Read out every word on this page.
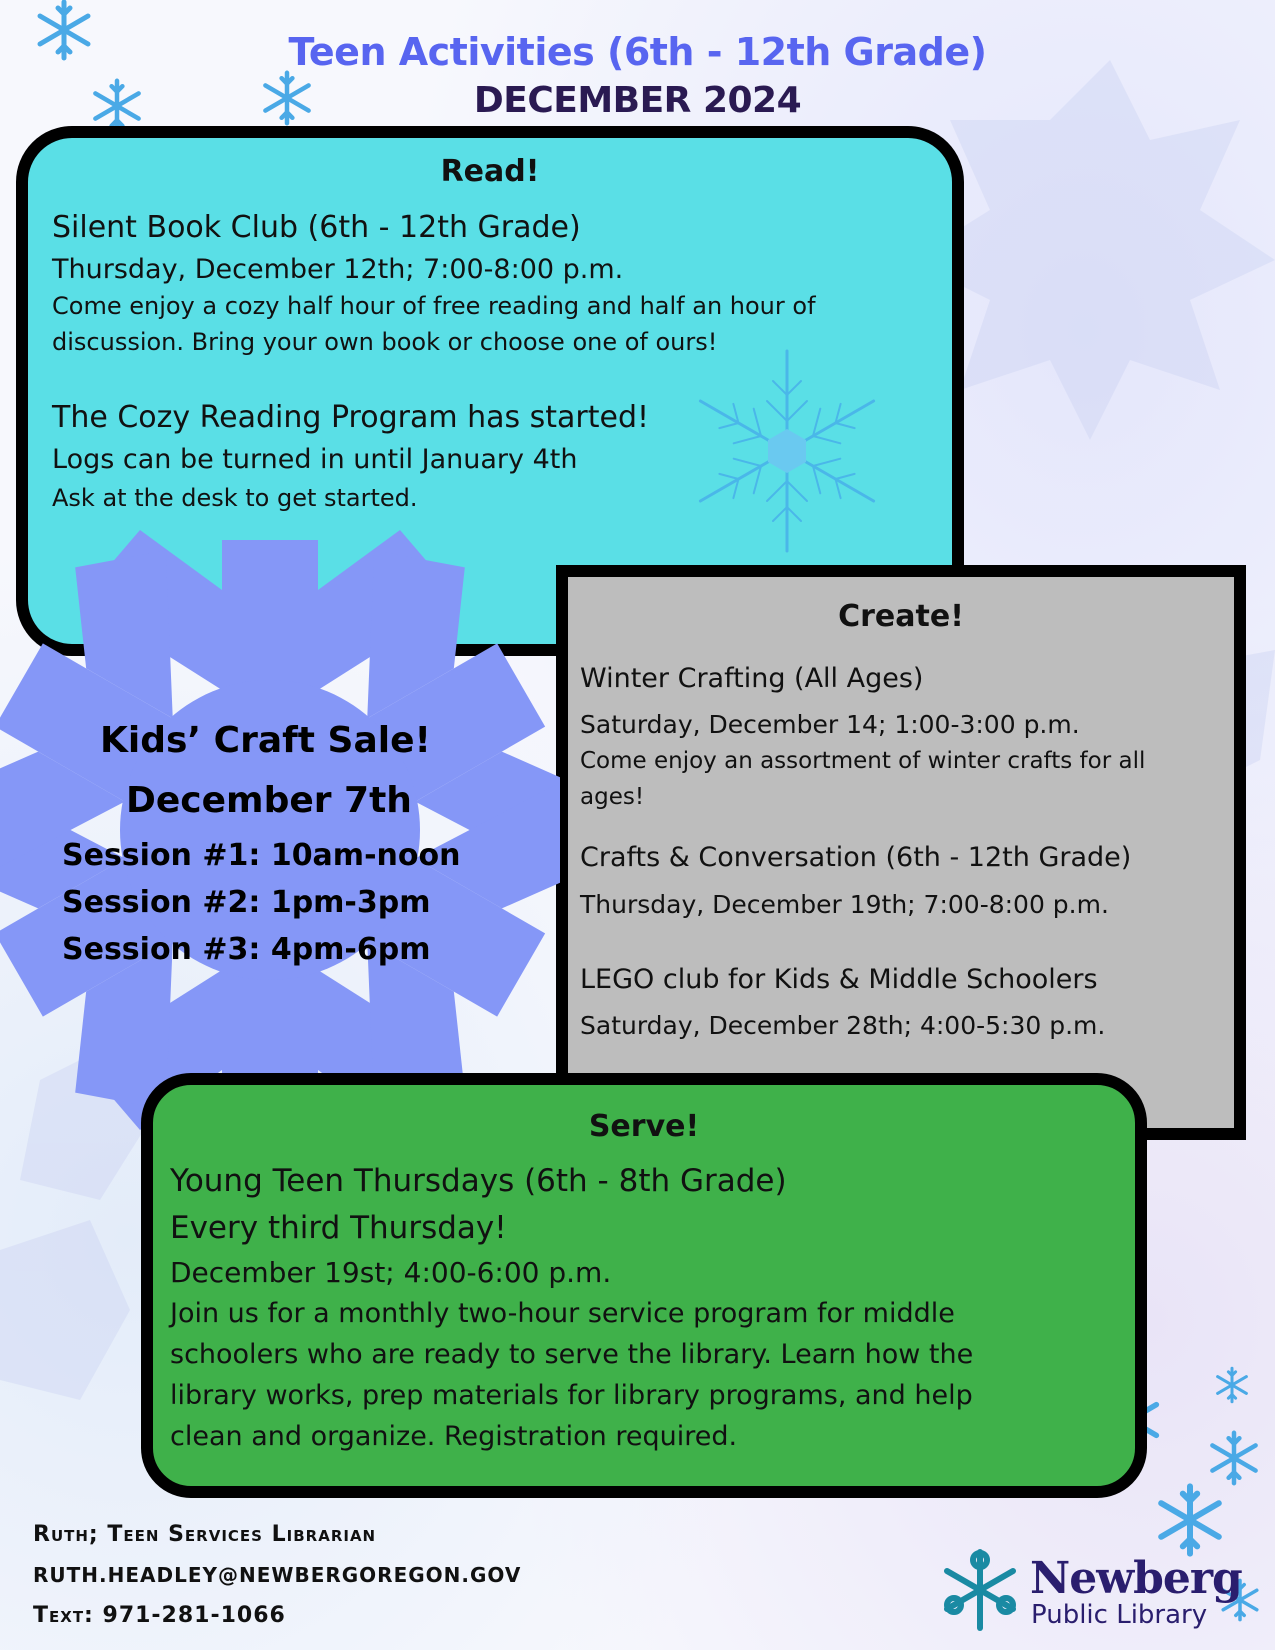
Teen Activities (6th - 12th Grade)
DECEMBER 2024
Read!
Silent Book Club (6th - 12th Grade)
Thursday, December 12th; 7:00-8:00 p.m.
Come enjoy a cozy half hour of free reading and half an hour of
discussion. Bring your own book or choose one of ours!
The Cozy Reading Program has started!
Logs can be turned in until January 4th
Ask at the desk to get started.
Create!
Winter Crafting (All Ages)
Saturday, December 14; 1:00-3:00 p.m.
Come enjoy an assortment of winter crafts for all
ages!
Crafts & Conversation (6th - 12th Grade)
Thursday, December 19th; 7:00-8:00 p.m.
LEGO club for Kids & Middle Schoolers
Saturday, December 28th; 4:00-5:30 p.m.
Kids’ Craft Sale!
December 7th
Session #1: 10am-noon
Session #2: 1pm-3pm
Session #3: 4pm-6pm
Serve!
Young Teen Thursdays (6th - 8th Grade)
Every third Thursday!
December 19st; 4:00-6:00 p.m.
Join us for a monthly two-hour service program for middle
schoolers who are ready to serve the library. Learn how the
library works, prep materials for library programs, and help
clean and organize. Registration required.
Ruth; Teen Services Librarian
RUTH.HEADLEY@NEWBERGOREGON.GOV
Text: 971-281-1066
Newberg
Public Library
